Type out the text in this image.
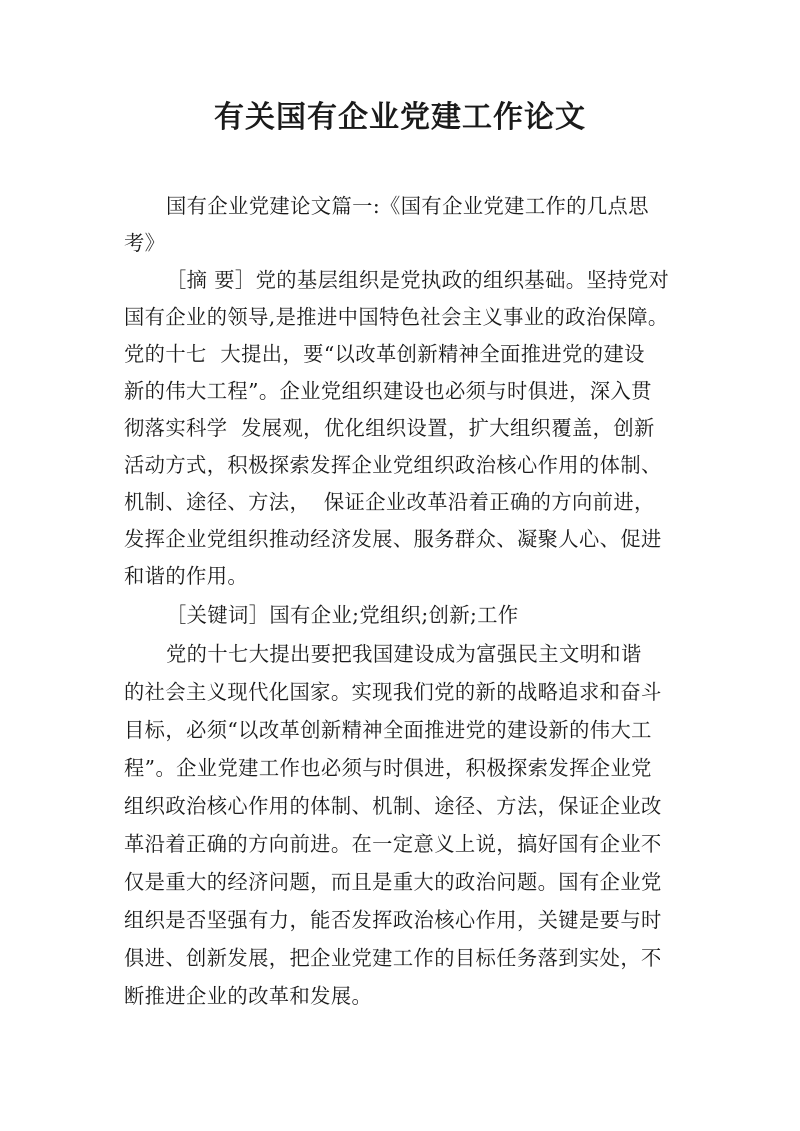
有关国有企业党建工作论文
国有企业党建论文篇一:《国有企业党建工作的几点思
考》
［摘 要］党的基层组织是党执政的组织基础。坚持党对
国有企业的领导,是推进中国特色社会主义事业的政治保障。
党的十七  大提出，要“以改革创新精神全面推进党的建设
新的伟大工程”。企业党组织建设也必须与时俱进，深入贯
彻落实科学  发展观，优化组织设置，扩大组织覆盖，创新
活动方式，积极探索发挥企业党组织政治核心作用的体制、
机制、途径、方法，  保证企业改革沿着正确的方向前进，
发挥企业党组织推动经济发展、服务群众、凝聚人心、促进
和谐的作用。
［关键词］国有企业;党组织;创新;工作
党的十七大提出要把我国建设成为富强民主文明和谐
的社会主义现代化国家。实现我们党的新的战略追求和奋斗
目标，必须“以改革创新精神全面推进党的建设新的伟大工
程”。企业党建工作也必须与时俱进，积极探索发挥企业党
组织政治核心作用的体制、机制、途径、方法，保证企业改
革沿着正确的方向前进。在一定意义上说，搞好国有企业不
仅是重大的经济问题，而且是重大的政治问题。国有企业党
组织是否坚强有力，能否发挥政治核心作用，关键是要与时
俱进、创新发展，把企业党建工作的目标任务落到实处，不
断推进企业的改革和发展。
